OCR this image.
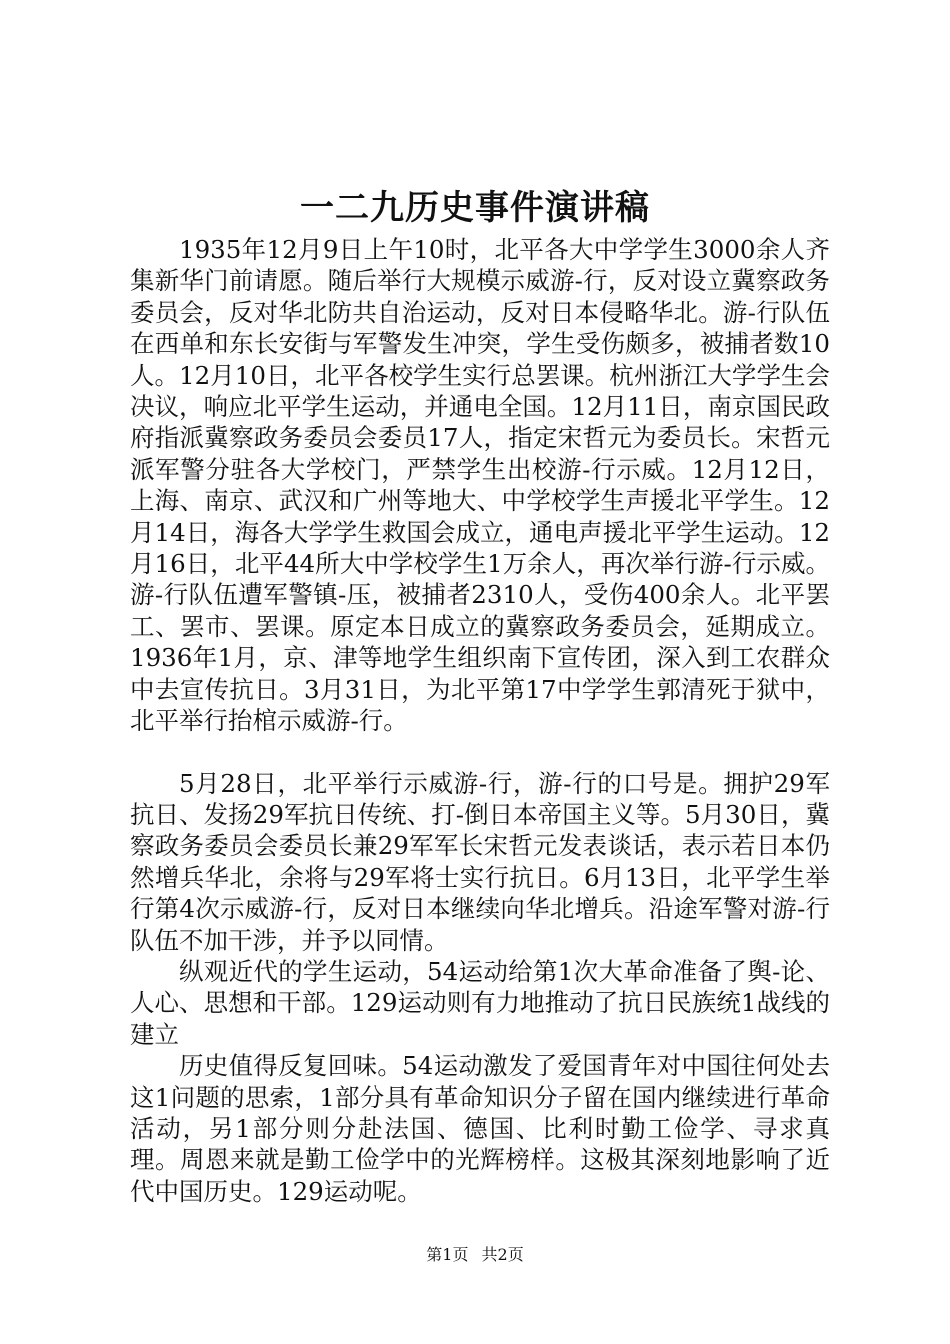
一二九历史事件演讲稿

1935年12月9日上午10时，北平各大中学学生3000余人齐集新华门前请愿。随后举行大规模示威游-行，反对设立冀察政务委员会，反对华北防共自治运动，反对日本侵略华北。游-行队伍在西单和东长安街与军警发生冲突，学生受伤颇多，被捕者数10人。12月10日，北平各校学生实行总罢课。杭州浙江大学学生会决议，响应北平学生运动，并通电全国。12月11日，南京国民政府指派冀察政务委员会委员17人，指定宋哲元为委员长。宋哲元派军警分驻各大学校门，严禁学生出校游-行示威。12月12日，上海、南京、武汉和广州等地大、中学校学生声援北平学生。12月14日，海各大学学生救国会成立，通电声援北平学生运动。12月16日，北平44所大中学校学生1万余人，再次举行游-行示威。游-行队伍遭军警镇-压，被捕者2310人，受伤400余人。北平罢工、罢市、罢课。原定本日成立的冀察政务委员会，延期成立。1936年1月，京、津等地学生组织南下宣传团，深入到工农群众中去宣传抗日。3月31日，为北平第17中学学生郭清死于狱中，北平举行抬棺示威游-行。

5月28日，北平举行示威游-行，游-行的口号是。拥护29军抗日、发扬29军抗日传统、打-倒日本帝国主义等。5月30日，冀察政务委员会委员长兼29军军长宋哲元发表谈话，表示若日本仍然增兵华北，余将与29军将士实行抗日。6月13日，北平学生举行第4次示威游-行，反对日本继续向华北增兵。沿途军警对游-行队伍不加干涉，并予以同情。

纵观近代的学生运动，54运动给第1次大革命准备了舆-论、人心、思想和干部。129运动则有力地推动了抗日民族统1战线的建立

历史值得反复回味。54运动激发了爱国青年对中国往何处去这1问题的思索，1部分具有革命知识分子留在国内继续进行革命活动，另1部分则分赴法国、德国、比利时勤工俭学、寻求真理。周恩来就是勤工俭学中的光辉榜样。这极其深刻地影响了近代中国历史。129运动呢。

第1页 共2页
